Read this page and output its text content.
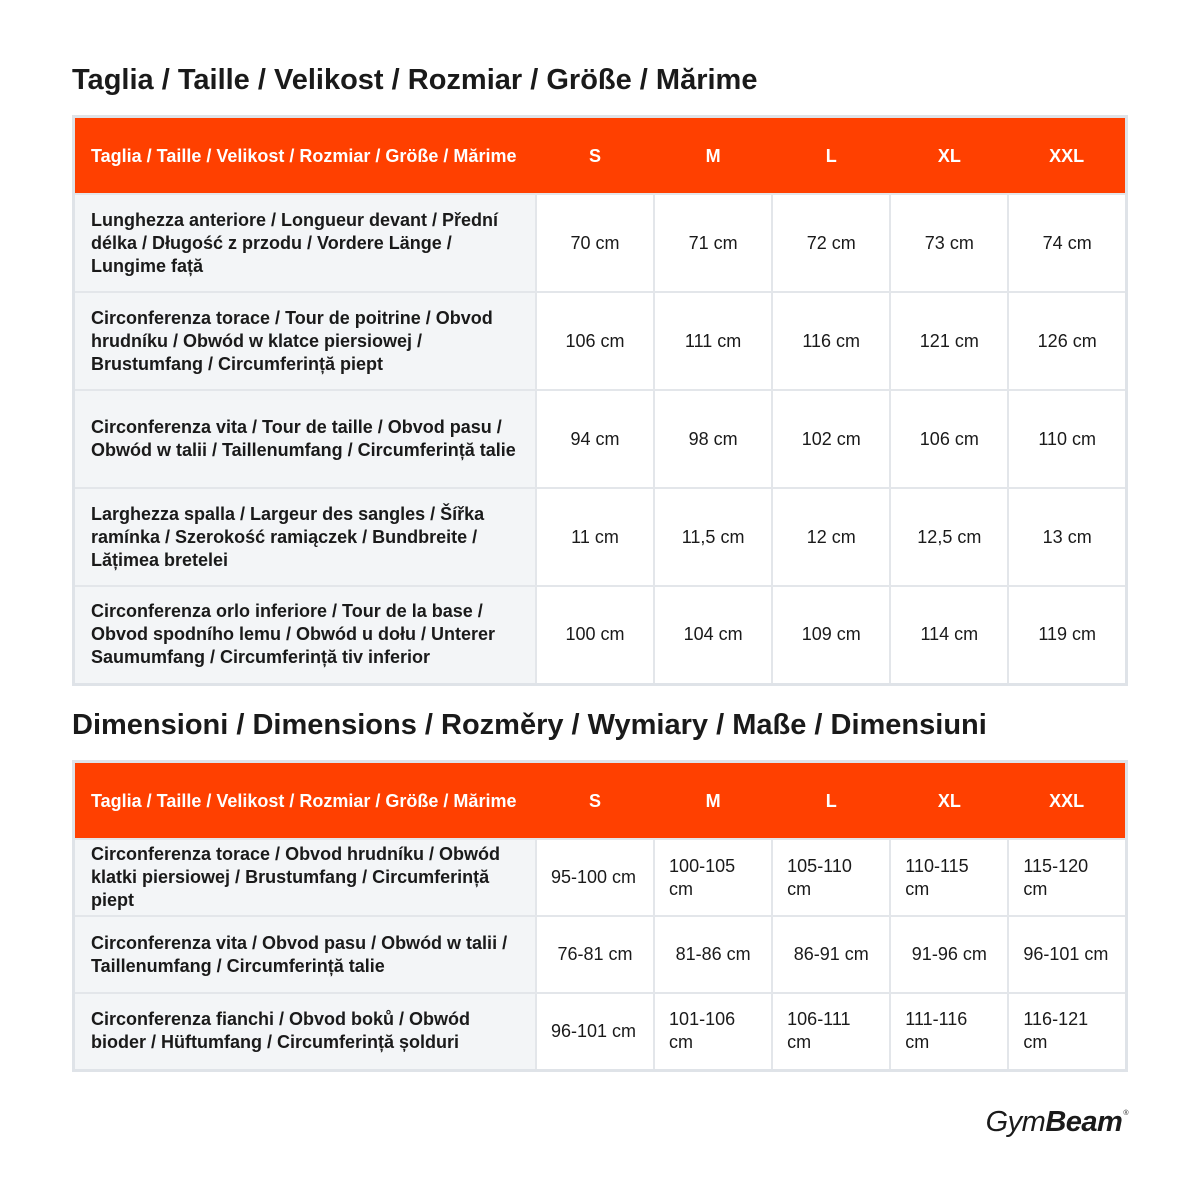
Taglia / Taille / Velikost / Rozmiar / Größe / Mărime
Taglia / Taille / Velikost / Rozmiar / Größe / Mărime	S	M	L	XL	XXL
Lunghezza anteriore / Longueur devant / Přední délka / Długość z przodu / Vordere Länge / Lungime față	70 cm	71 cm	72 cm	73 cm	74 cm
Circonferenza torace / Tour de poitrine / Obvod hrudníku / Obwód w klatce piersiowej / Brustumfang / Circumferință piept	106 cm	111 cm	116 cm	121 cm	126 cm
Circonferenza vita / Tour de taille / Obvod pasu / Obwód w talii / Taillenumfang / Circumferință talie	94 cm	98 cm	102 cm	106 cm	110 cm
Larghezza spalla / Largeur des sangles / Šířka ramínka / Szerokość ramiączek / Bundbreite / Lățimea bretelei	11 cm	11,5 cm	12 cm	12,5 cm	13 cm
Circonferenza orlo inferiore / Tour de la base / Obvod spodního lemu / Obwód u dołu / Unterer Saumumfang / Circumferință tiv inferior	100 cm	104 cm	109 cm	114 cm	119 cm
Dimensioni / Dimensions / Rozměry / Wymiary / Maße / Dimensiuni
Taglia / Taille / Velikost / Rozmiar / Größe / Mărime	S	M	L	XL	XXL
Circonferenza torace / Obvod hrudníku / Obwód klatki piersiowej / Brustumfang / Circumferință piept	95-100 cm	100-105 cm	105-110 cm	110-115 cm	115-120 cm
Circonferenza vita / Obvod pasu / Obwód w talii / Taillenumfang / Circumferință talie	76-81 cm	81-86 cm	86-91 cm	91-96 cm	96-101 cm
Circonferenza fianchi / Obvod boků / Obwód bioder / Hüftumfang / Circumferință șolduri	96-101 cm	101-106 cm	106-111 cm	111-116 cm	116-121 cm
GymBeam®
